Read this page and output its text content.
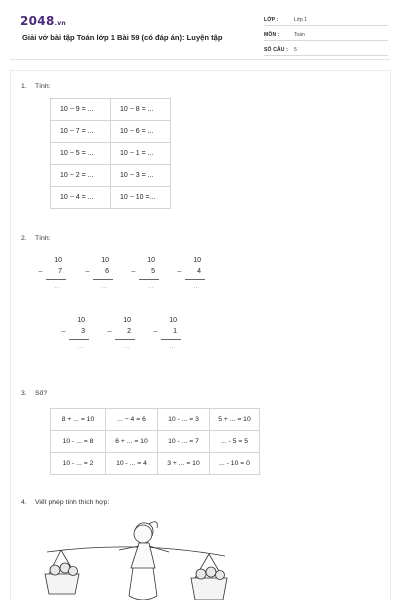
2048.vn
Giải vở bài tập Toán lớp 1 Bài 59 (có đáp án): Luyện tập
LỚP :	Lớp 1
MÔN :	Toán
SỐ CÂU : 5
1. Tính:
10 − 9 = ...	10 − 8 = ...
10 − 7 = ...	10 − 6 = ...
10 − 5 = ...	10 − 1 = ...
10 − 2 = ...	10 − 3 = ...
10 − 4 = ...	10 − 10 =...
2. Tính:
−
10
7
...
−
10
6
...
−
10
5
...
−
10
4
...
−
10
3
...
−
10
2
...
−
10
1
...
3. Số?
8 + ... = 10	... − 4 = 6	10 - ... = 3	5 + ... = 10
10 - ... = 8	6 + ... = 10	10 - ... = 7	... - 5 = 5
10 - ... = 2	10 - ... = 4	3 + ... = 10	... - 10 = 0
4. Viết phép tính thích hợp:
